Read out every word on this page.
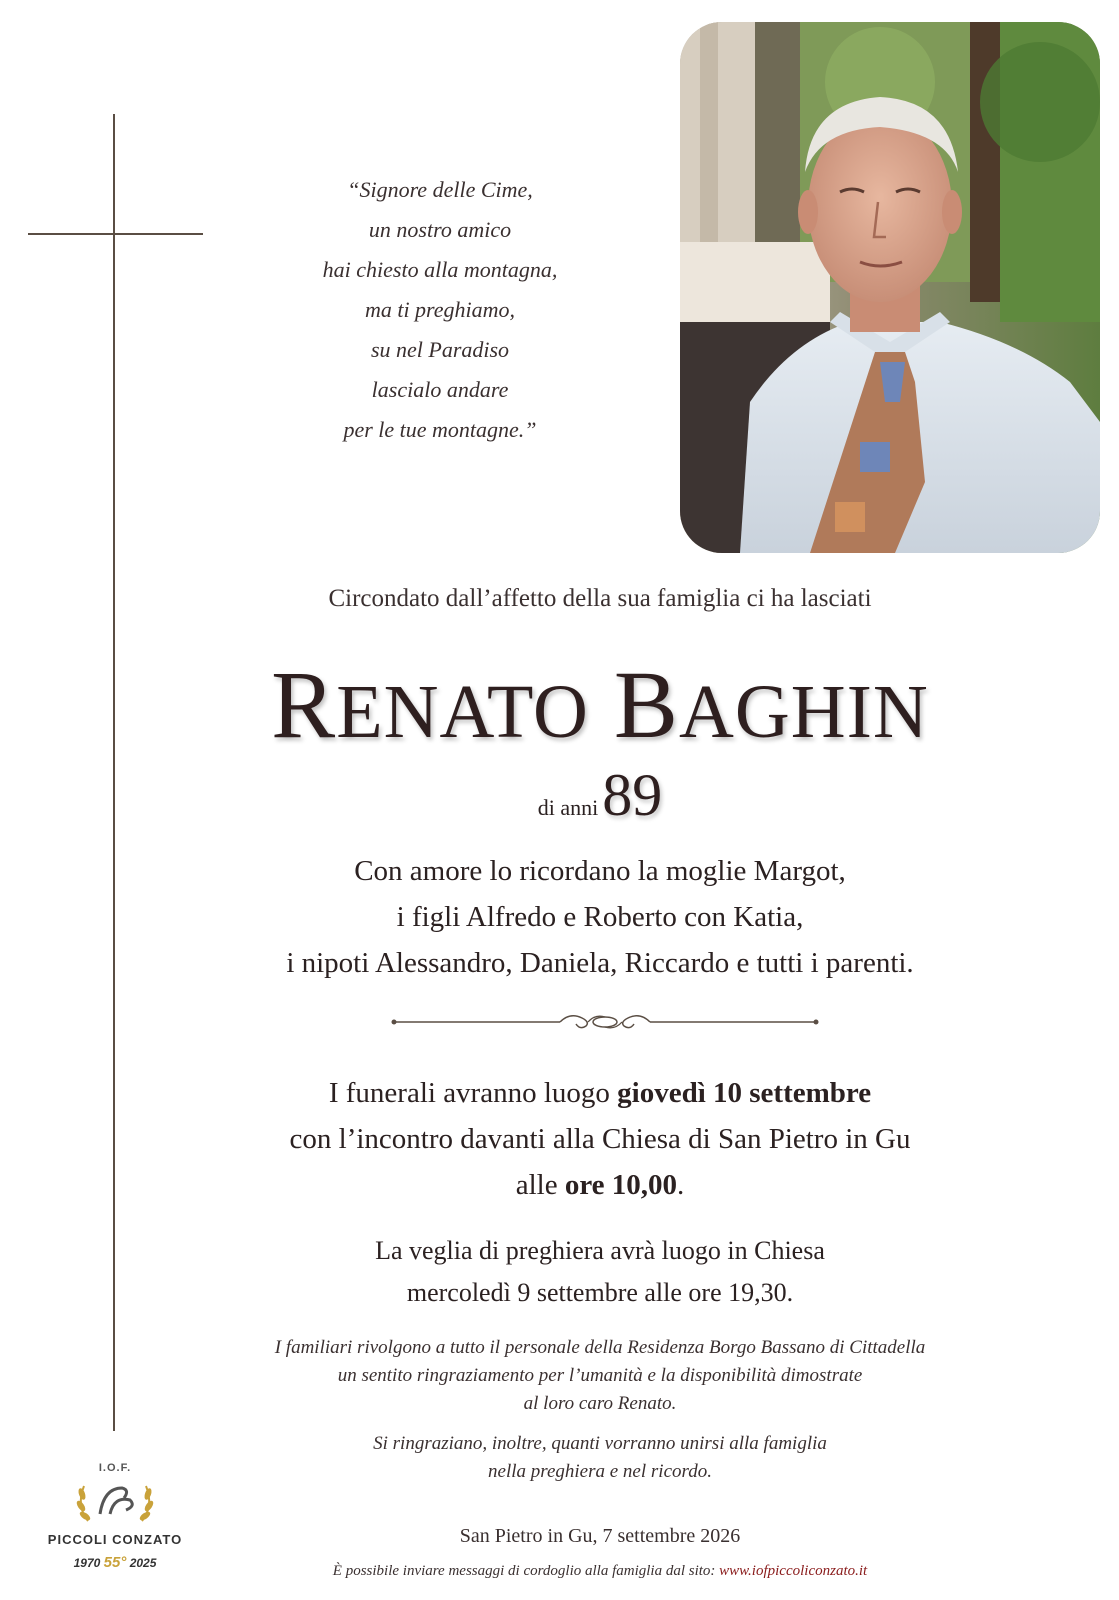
“Signore delle Cime,
un nostro amico
hai chiesto alla montagna,
ma ti preghiamo,
su nel Paradiso
lascialo andare
per le tue montagne.”
Circondato dall’affetto della sua famiglia ci ha lasciati
RENATO BAGHIN
di anni 89
Con amore lo ricordano la moglie Margot,
i figli Alfredo e Roberto con Katia,
i nipoti Alessandro, Daniela, Riccardo e tutti i parenti.
I funerali avranno luogo giovedì 10 settembre
con l’incontro davanti alla Chiesa di San Pietro in Gu
alle ore 10,00.
La veglia di preghiera avrà luogo in Chiesa
mercoledì 9 settembre alle ore 19,30.
I familiari rivolgono a tutto il personale della Residenza Borgo Bassano di Cittadella
un sentito ringraziamento per l’umanità e la disponibilità dimostrate
al loro caro Renato.
Si ringraziano, inoltre, quanti vorranno unirsi alla famiglia
nella preghiera e nel ricordo.
San Pietro in Gu, 7 settembre 2026
È possibile inviare messaggi di cordoglio alla famiglia dal sito: www.iofpiccoliconzato.it
I.O.F.
PICCOLI CONZATO
1970 55° 2025
